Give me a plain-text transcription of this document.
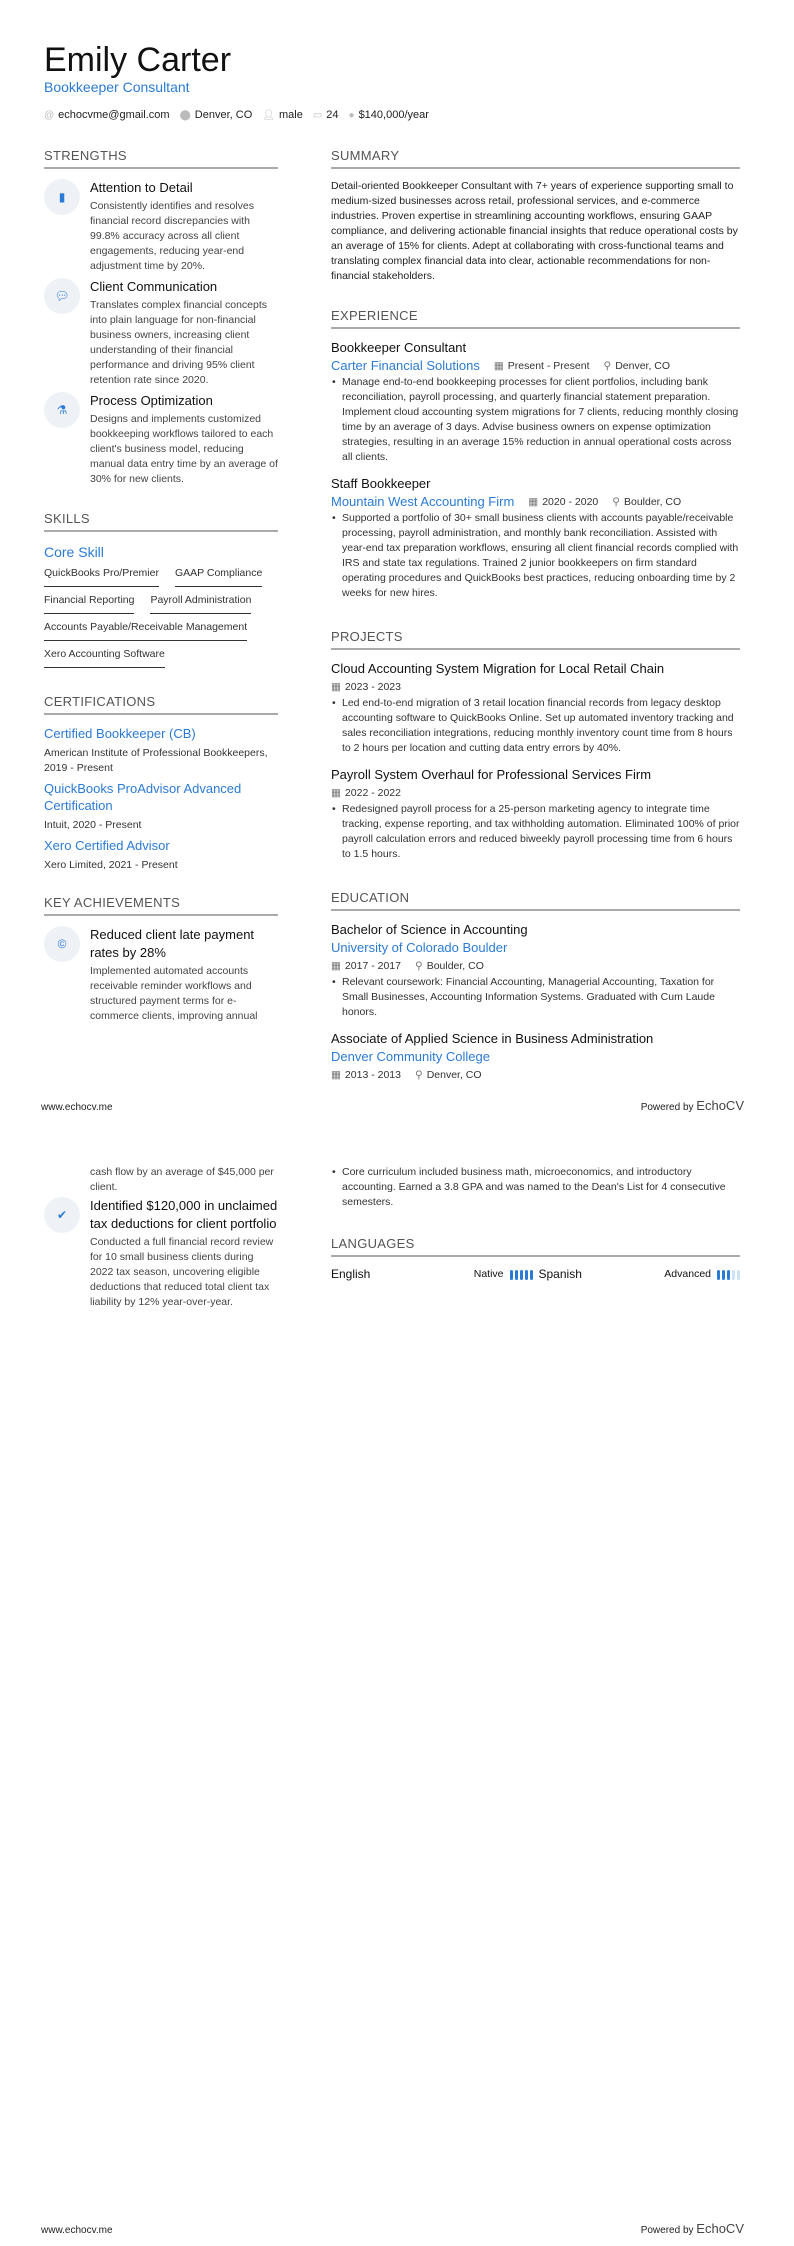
Emily Carter
Bookkeeper Consultant
@ echocvme@gmail.com ⬤ Denver, CO 👤︎ male ▭ 24 ● $140,000/year
STRENGTHS
▮
Attention to Detail

Consistently identifies and resolves financial record discrepancies with 99.8% accuracy across all client engagements, reducing year-end adjustment time by 20%.

💬︎
Client Communication

Translates complex financial concepts into plain language for non-financial business owners, increasing client understanding of their financial performance and driving 95% client retention rate since 2020.

⚗
Process Optimization

Designs and implements customized bookkeeping workflows tailored to each client's business model, reducing manual data entry time by an average of 30% for new clients.

SKILLS
Core Skill
QuickBooks Pro/Premier GAAP Compliance
Financial Reporting Payroll Administration
Accounts Payable/Receivable Management
Xero Accounting Software
CERTIFICATIONS
Certified Bookkeeper (CB)
American Institute of Professional Bookkeepers, 2019 - Present
QuickBooks ProAdvisor Advanced Certification
Intuit, 2020 - Present
Xero Certified Advisor
Xero Limited, 2021 - Present
KEY ACHIEVEMENTS
©
Reduced client late payment rates by 28%

Implemented automated accounts receivable reminder workflows and structured payment terms for e-commerce clients, improving annual

SUMMARY

Detail-oriented Bookkeeper Consultant with 7+ years of experience supporting small to medium-sized businesses across retail, professional services, and e-commerce industries. Proven expertise in streamlining accounting workflows, ensuring GAAP compliance, and delivering actionable financial insights that reduce operational costs by an average of 15% for clients. Adept at collaborating with cross-functional teams and translating complex financial data into clear, actionable recommendations for non-financial stakeholders.

EXPERIENCE
Bookkeeper Consultant
Carter Financial Solutions ▦ Present - Present ⚲ Denver, CO
• Manage end-to-end bookkeeping processes for client portfolios, including bank reconciliation, payroll processing, and quarterly financial statement preparation. Implement cloud accounting system migrations for 7 clients, reducing monthly closing time by an average of 3 days. Advise business owners on expense optimization strategies, resulting in an average 15% reduction in annual operational costs across all clients.
Staff Bookkeeper
Mountain West Accounting Firm ▦ 2020 - 2020 ⚲ Boulder, CO
• Supported a portfolio of 30+ small business clients with accounts payable/receivable processing, payroll administration, and monthly bank reconciliation. Assisted with year-end tax preparation workflows, ensuring all client financial records complied with IRS and state tax regulations. Trained 2 junior bookkeepers on firm standard operating procedures and QuickBooks best practices, reducing onboarding time by 2 weeks for new hires.
PROJECTS
Cloud Accounting System Migration for Local Retail Chain
▦ 2023 - 2023
• Led end-to-end migration of 3 retail location financial records from legacy desktop accounting software to QuickBooks Online. Set up automated inventory tracking and sales reconciliation integrations, reducing monthly inventory count time from 8 hours to 2 hours per location and cutting data entry errors by 40%.
Payroll System Overhaul for Professional Services Firm
▦ 2022 - 2022
• Redesigned payroll process for a 25-person marketing agency to integrate time tracking, expense reporting, and tax withholding automation. Eliminated 100% of prior payroll calculation errors and reduced biweekly payroll processing time from 6 hours to 1.5 hours.
EDUCATION
Bachelor of Science in Accounting
University of Colorado Boulder
▦ 2017 - 2017 ⚲ Boulder, CO
• Relevant coursework: Financial Accounting, Managerial Accounting, Taxation for Small Businesses, Accounting Information Systems. Graduated with Cum Laude honors.
Associate of Applied Science in Business Administration
Denver Community College
▦ 2013 - 2013 ⚲ Denver, CO
www.echocv.me	Powered by EchoCV

cash flow by an average of $45,000 per client.

✔
Identified $120,000 in unclaimed tax deductions for client portfolio

Conducted a full financial record review for 10 small business clients during 2022 tax season, uncovering eligible deductions that reduced total client tax liability by 12% year-over-year.

• Core curriculum included business math, microeconomics, and introductory accounting. Earned a 3.8 GPA and was named to the Dean's List for 4 consecutive semesters.
LANGUAGES
English	Native	Spanish	Advanced
www.echocv.me	Powered by EchoCV
